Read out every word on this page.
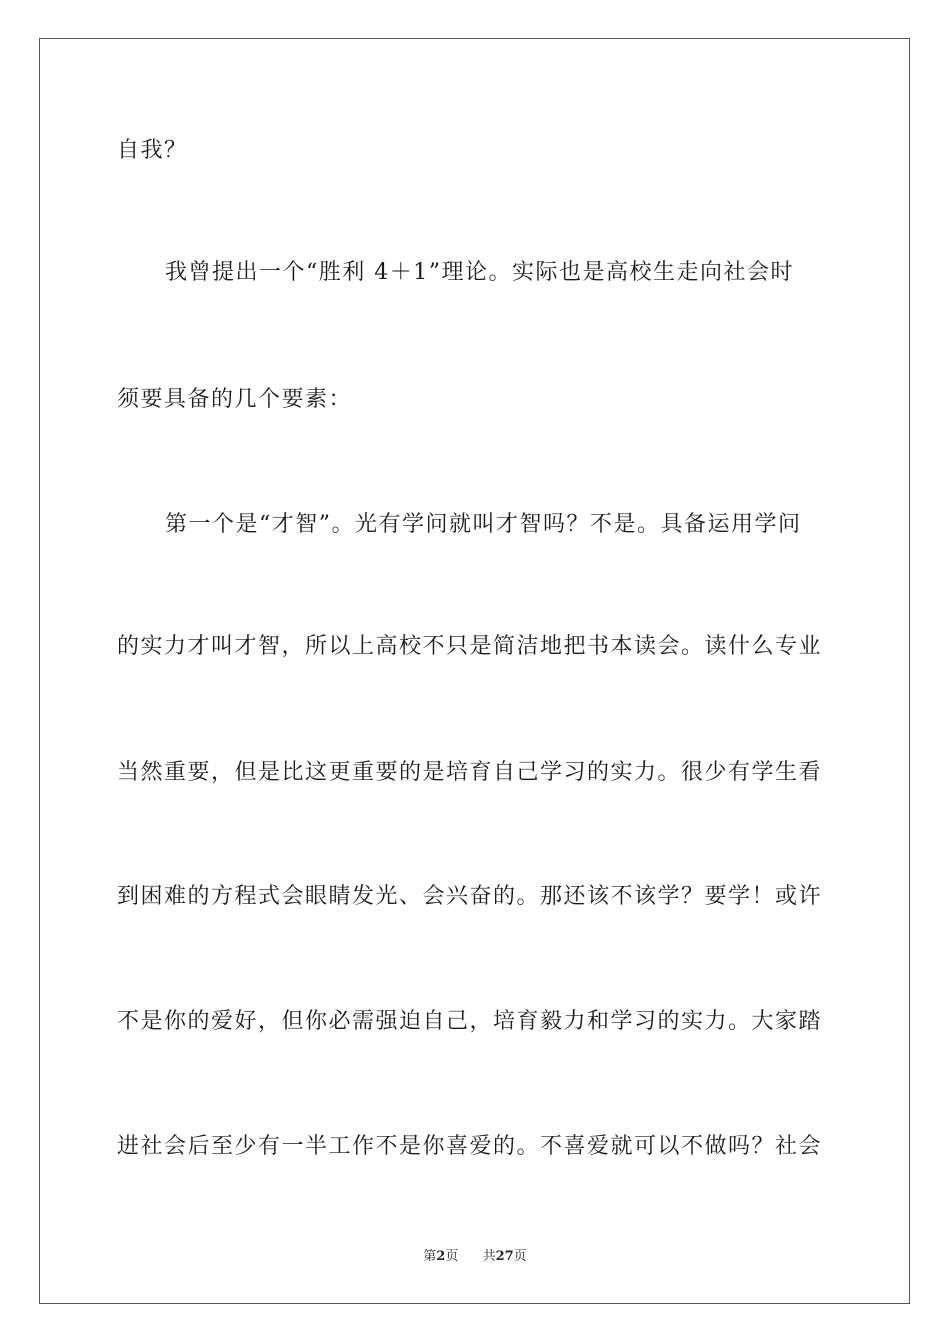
自我？
我曾提出一个“胜利 4＋1”理论。实际也是高校生走向社会时
须要具备的几个要素：
第一个是“才智”。光有学问就叫才智吗？不是。具备运用学问
的实力才叫才智，所以上高校不只是简洁地把书本读会。读什么专业
当然重要，但是比这更重要的是培育自己学习的实力。很少有学生看
到困难的方程式会眼睛发光、会兴奋的。那还该不该学？要学！或许
不是你的爱好，但你必需强迫自己，培育毅力和学习的实力。大家踏
进社会后至少有一半工作不是你喜爱的。不喜爱就可以不做吗？社会
第2页 共27页
